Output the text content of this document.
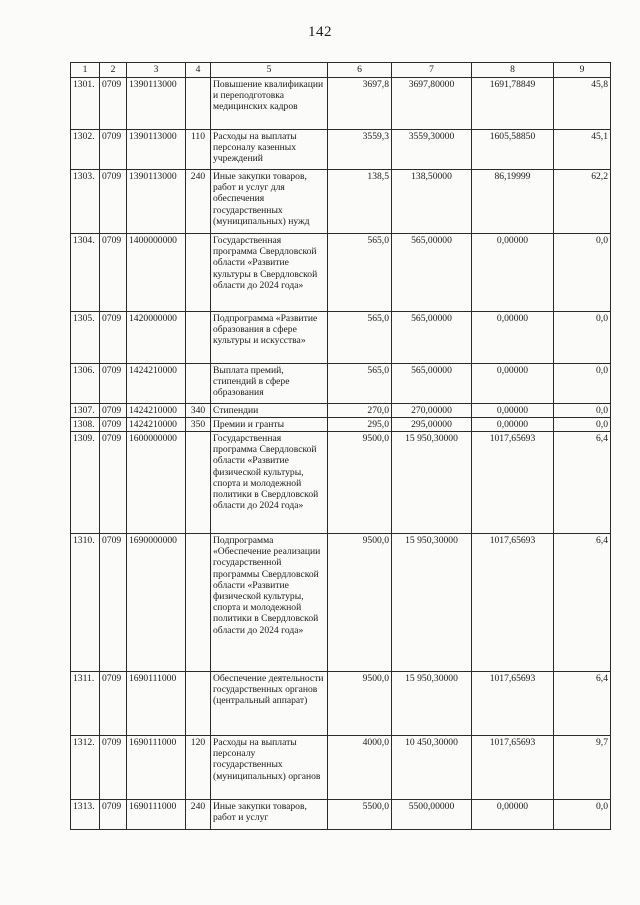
142
1	2	3	4	5	6	7	8	9
1301.	0709	1390113000		Повышение квалификации и переподготовка медицинских кадров	3697,8	3697,80000	1691,78849	45,8
1302.	0709	1390113000	110	Расходы на выплаты персоналу казенных учреждений	3559,3	3559,30000	1605,58850	45,1
1303.	0709	1390113000	240	Иные закупки товаров, работ и услуг для обеспечения государственных (муниципальных) нужд	138,5	138,50000	86,19999	62,2
1304.	0709	1400000000		Государственная программа Свердловской области «Развитие культуры в Свердловской области до 2024 года»	565,0	565,00000	0,00000	0,0
1305.	0709	1420000000		Подпрограмма «Развитие образования в сфере культуры и искусства»	565,0	565,00000	0,00000	0,0
1306.	0709	1424210000		Выплата премий, стипендий в сфере образования	565,0	565,00000	0,00000	0,0
1307.	0709	1424210000	340	Стипендии	270,0	270,00000	0,00000	0,0
1308.	0709	1424210000	350	Премии и гранты	295,0	295,00000	0,00000	0,0
1309.	0709	1600000000		Государственная программа Свердловской области «Развитие физической культуры, спорта и молодежной политики в Свердловской области до 2024 года»	9500,0	15 950,30000	1017,65693	6,4
1310.	0709	1690000000		Подпрограмма «Обеспечение реализации государственной программы Свердловской области «Развитие физической культуры, спорта и молодежной политики в Свердловской области до 2024 года»	9500,0	15 950,30000	1017,65693	6,4
1311.	0709	1690111000		Обеспечение деятельности государственных органов (центральный аппарат)	9500,0	15 950,30000	1017,65693	6,4
1312.	0709	1690111000	120	Расходы на выплаты персоналу государственных (муниципальных) органов	4000,0	10 450,30000	1017,65693	9,7
1313.	0709	1690111000	240	Иные закупки товаров, работ и услуг	5500,0	5500,00000	0,00000	0,0
